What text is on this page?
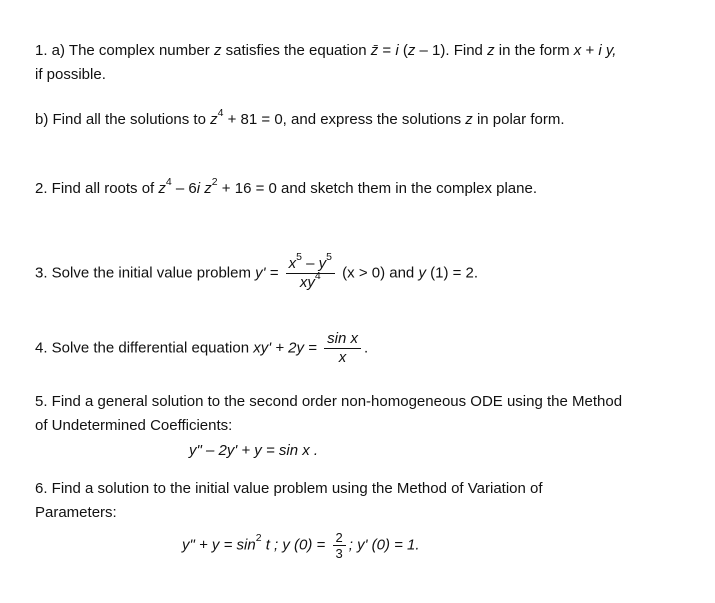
1. a) The complex number z satisfies the equation z̄ = i (z – 1). Find z in the form x + i y,
if possible.
b) Find all the solutions to $z^4 + 81 = 0$, and express the solutions z in polar form.
2. Find all roots of $z^4 - 6i$ $z^2 + 16 = 0$ and sketch them in the complex plane.
3. Solve the initial value problem $y' = \frac{x^5 - y^5}{xy^4} (x > 0)$ and y (1) = 2.
4. Solve the differential equation $xy' + 2y = \frac{\text{sin x}}{x}$ .
5. Find a general solution to the second order non-homogeneous ODE using the Method
of Undetermined Coefficients:
y" – 2y' + y = sin x .
6. Find a solution to the initial value problem using the Method of Variation of
Parameters:
y" + $y = \sin^2 t$ ; y $(0) = \frac{2}{3}$ ; y' (0) = 1.
